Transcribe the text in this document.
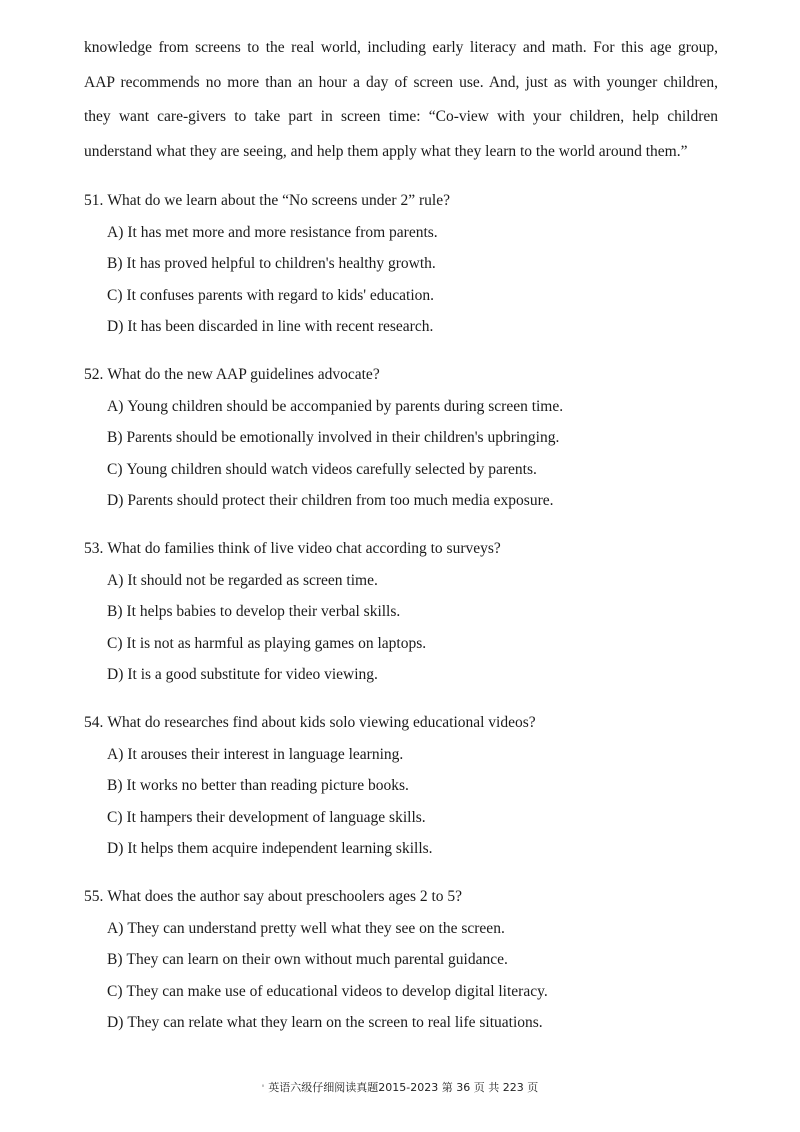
knowledge from screens to the real world, including early literacy and math. For this age group,
AAP recommends no more than an hour a day of screen use. And, just as with younger children,
they want care-givers to take part in screen time: “Co-view with your children, help children
understand what they are seeing, and help them apply what they learn to the world around them.”
51. What do we learn about the “No screens under 2” rule?
A) It has met more and more resistance from parents.
B) It has proved helpful to children's healthy growth.
C) It confuses parents with regard to kids' education.
D) It has been discarded in line with recent research.
52. What do the new AAP guidelines advocate?
A) Young children should be accompanied by parents during screen time.
B) Parents should be emotionally involved in their children's upbringing.
C) Young children should watch videos carefully selected by parents.
D) Parents should protect their children from too much media exposure.
53. What do families think of live video chat according to surveys?
A) It should not be regarded as screen time.
B) It helps babies to develop their verbal skills.
C) It is not as harmful as playing games on laptops.
D) It is a good substitute for video viewing.
54. What do researches find about kids solo viewing educational videos?
A) It arouses their interest in language learning.
B) It works no better than reading picture books.
C) It hampers their development of language skills.
D) It helps them acquire independent learning skills.
55. What does the author say about preschoolers ages 2 to 5?
A) They can understand pretty well what they see on the screen.
B) They can learn on their own without much parental guidance.
C) They can make use of educational videos to develop digital literacy.
D) They can relate what they learn on the screen to real life situations.
' 英语六级仔细阅读真题2015-2023 第 36 页 共 223 页
